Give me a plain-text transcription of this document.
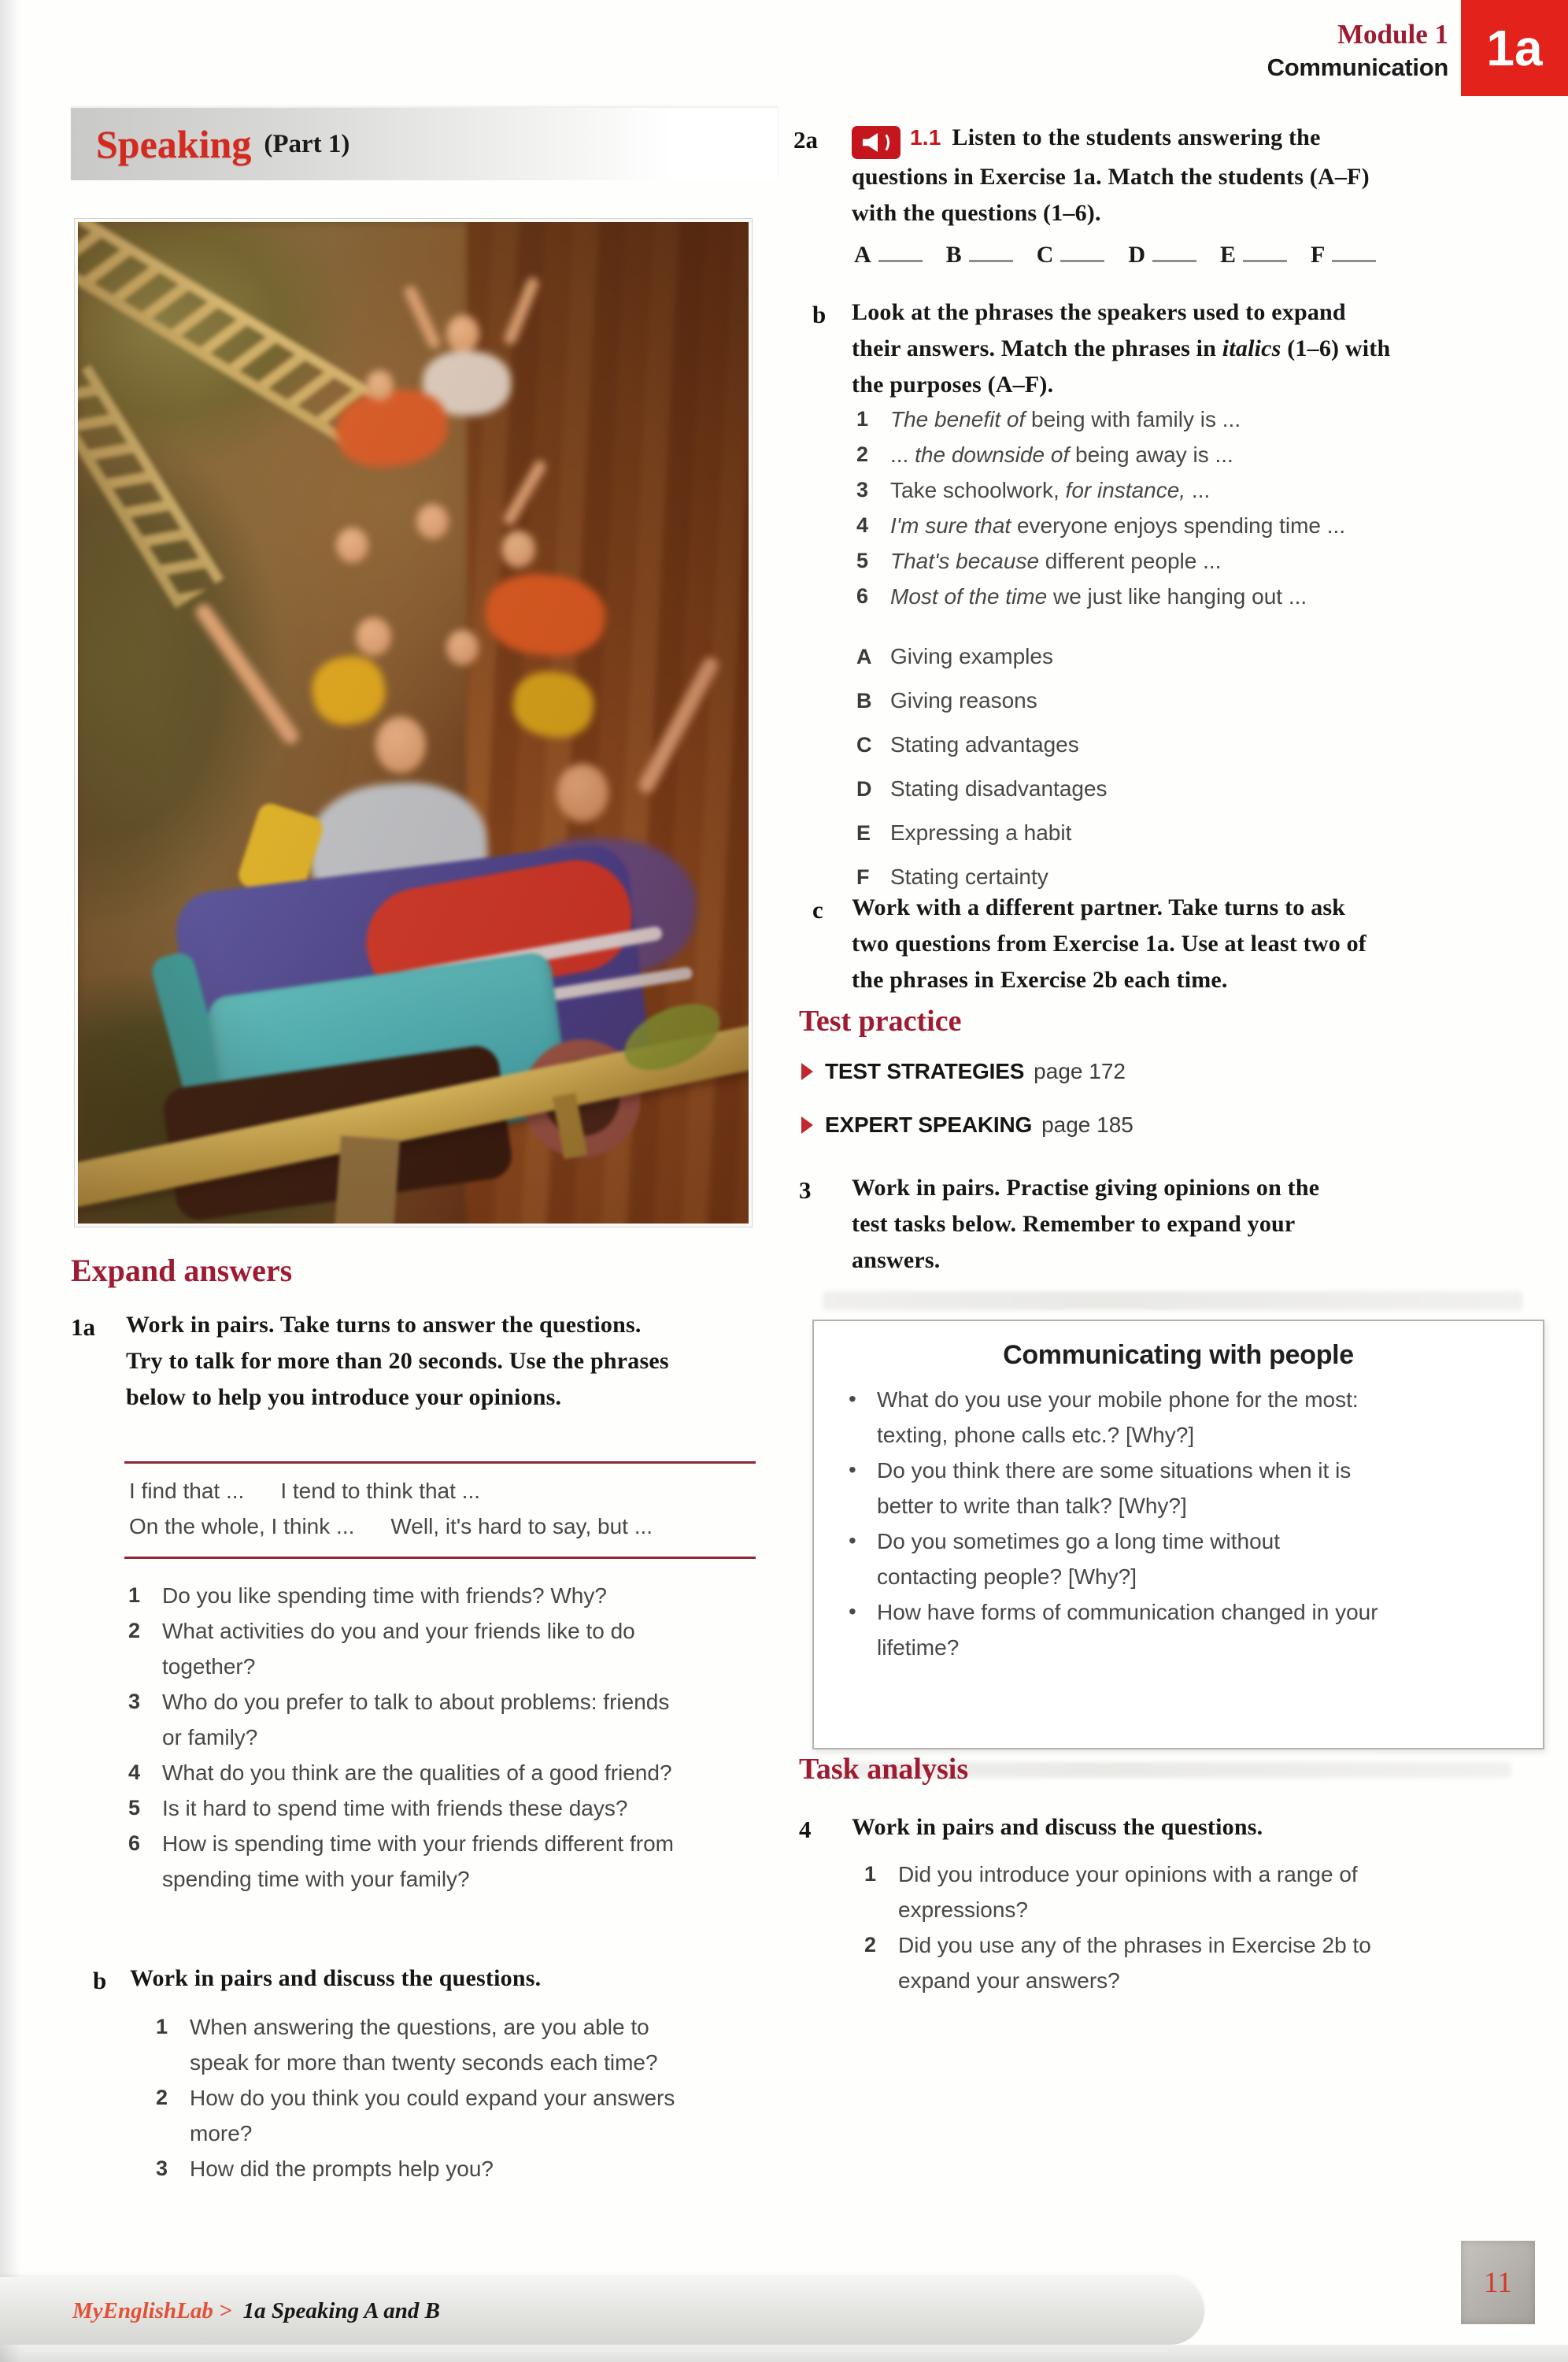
Module 1
Communication 1a
Speaking (Part 1)
Expand answers
1a Work in pairs. Take turns to answer the questions. Try to talk for more than 20 seconds. Use the phrases below to help you introduce your opinions.
I find that ... I tend to think that ...
On the whole, I think ... Well, it's hard to say, but ...
1 Do you like spending time with friends? Why?
2 What activities do you and your friends like to do together?
3 Who do you prefer to talk to about problems: friends or family?
4 What do you think are the qualities of a good friend?
5 Is it hard to spend time with friends these days?
6 How is spending time with your friends different from spending time with your family?
b Work in pairs and discuss the questions.
1 When answering the questions, are you able to speak for more than twenty seconds each time?
2 How do you think you could expand your answers more?
3 How did the prompts help you?
2a	1.1 Listen to the students answering the questions in Exercise 1a. Match the students (A–F) with the questions (1–6).
A	B	C	D	E	F
b Look at the phrases the speakers used to expand their answers. Match the phrases in italics (1–6) with the purposes (A–F).
1 The benefit of being with family is ...
2 ... the downside of being away is ...
3 Take schoolwork, for instance, ...
4 I'm sure that everyone enjoys spending time ...
5 That's because different people ...
6 Most of the time we just like hanging out ...
A Giving examples
B Giving reasons
C Stating advantages
D Stating disadvantages
E Expressing a habit
F Stating certainty
c Work with a different partner. Take turns to ask two questions from Exercise 1a. Use at least two of the phrases in Exercise 2b each time.
Test practice
TEST STRATEGIES page 172
EXPERT SPEAKING page 185
3 Work in pairs. Practise giving opinions on the test tasks below. Remember to expand your answers.
Communicating with people
• What do you use your mobile phone for the most: texting, phone calls etc.? [Why?]
• Do you think there are some situations when it is better to write than talk? [Why?]
• Do you sometimes go a long time without contacting people? [Why?]
• How have forms of communication changed in your lifetime?
Task analysis
4 Work in pairs and discuss the questions.
1 Did you introduce your opinions with a range of expressions?
2 Did you use any of the phrases in Exercise 2b to expand your answers?
MyEnglishLab > 1a Speaking A and B
11
